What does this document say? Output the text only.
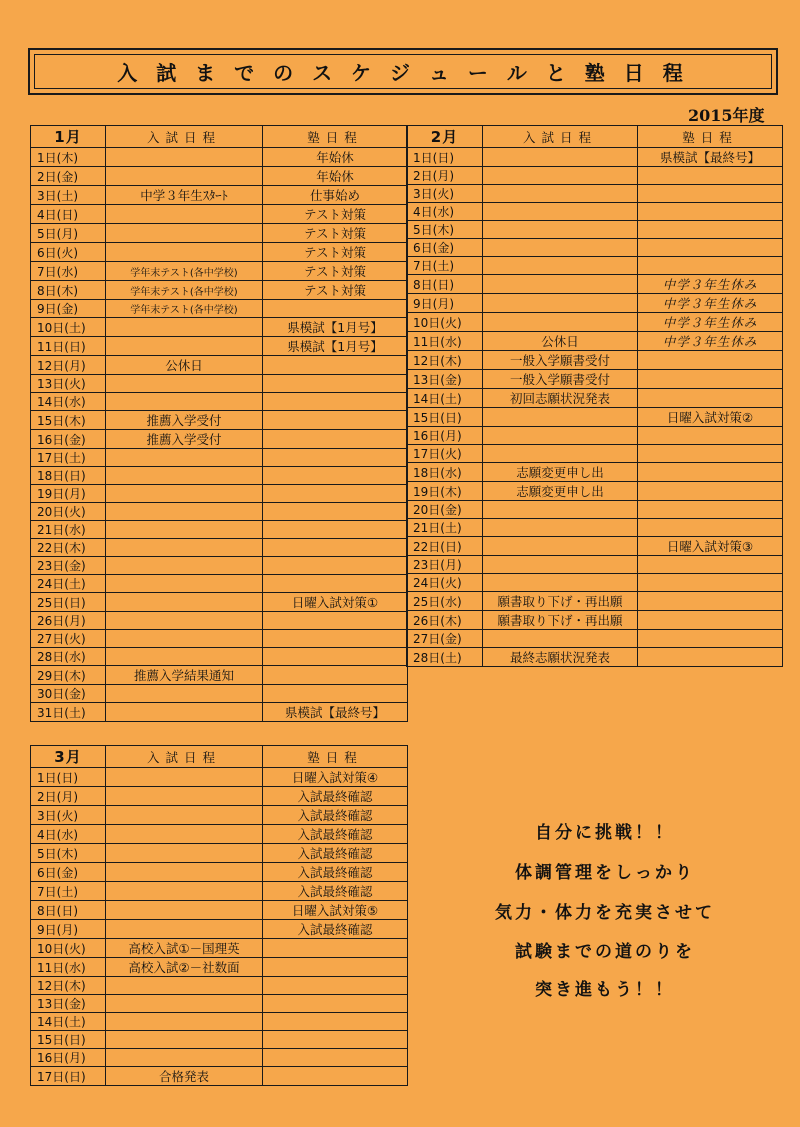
入 試 ま で の ス ケ ジ ュ ー ル と 塾 日 程
2015年度
1月	入試日程	塾日程
1日(木)		年始休
2日(金)		年始休
3日(土)	中学３年生ｽﾀｰﾄ	仕事始め
4日(日)		テスト対策
5日(月)		テスト対策
6日(火)		テスト対策
7日(水)	学年末テスト(各中学校)	テスト対策
8日(木)	学年末テスト(各中学校)	テスト対策
9日(金)	学年末テスト(各中学校)	
10日(土)		県模試【1月号】
11日(日)		県模試【1月号】
12日(月)	公休日	
13日(火)		
14日(水)		
15日(木)	推薦入学受付	
16日(金)	推薦入学受付	
17日(土)		
18日(日)		
19日(月)		
20日(火)		
21日(水)		
22日(木)		
23日(金)		
24日(土)		
25日(日)		日曜入試対策①
26日(月)		
27日(火)		
28日(水)		
29日(木)	推薦入学結果通知	
30日(金)		
31日(土)		県模試【最終号】
2月	入試日程	塾日程
1日(日)		県模試【最終号】
2日(月)		
3日(火)		
4日(水)		
5日(木)		
6日(金)		
7日(土)		
8日(日)		中学３年生休み
9日(月)		中学３年生休み
10日(火)		中学３年生休み
11日(水)	公休日	中学３年生休み
12日(木)	一般入学願書受付	
13日(金)	一般入学願書受付	
14日(土)	初回志願状況発表	
15日(日)		日曜入試対策②
16日(月)		
17日(火)		
18日(水)	志願変更申し出	
19日(木)	志願変更申し出	
20日(金)		
21日(土)		
22日(日)		日曜入試対策③
23日(月)		
24日(火)		
25日(水)	願書取り下げ・再出願	
26日(木)	願書取り下げ・再出願	
27日(金)		
28日(土)	最終志願状況発表	
3月	入試日程	塾日程
1日(日)		日曜入試対策④
2日(月)		入試最終確認
3日(火)		入試最終確認
4日(水)		入試最終確認
5日(木)		入試最終確認
6日(金)		入試最終確認
7日(土)		入試最終確認
8日(日)		日曜入試対策⑤
9日(月)		入試最終確認
10日(火)	高校入試①－国理英	
11日(水)	高校入試②－社数面	
12日(木)		
13日(金)		
14日(土)		
15日(日)		
16日(月)		
17日(日)	合格発表	
自分に挑戦！！
体調管理をしっかり
気力・体力を充実させて
試験までの道のりを
突き進もう！！
